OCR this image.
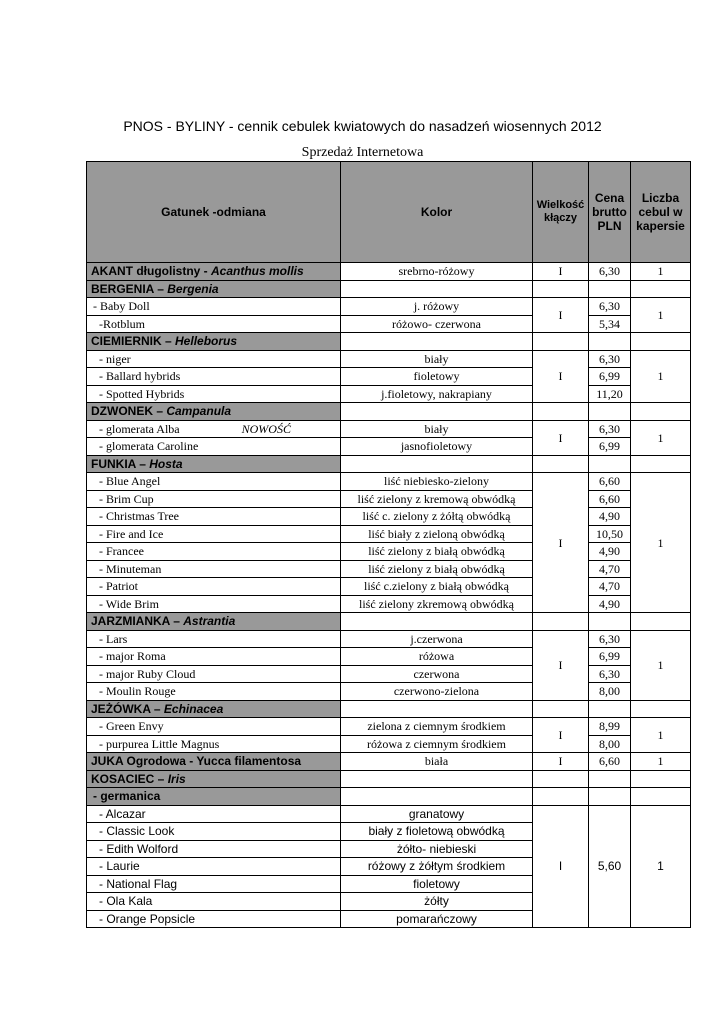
PNOS - BYLINY - cennik cebulek kwiatowych do nasadzeń wiosennych 2012
Sprzedaż Internetowa
Gatunek -odmiana	Kolor	Wielkość kłączy	Cena brutto PLN	Liczba cebul w kapersie
AKANT długolistny - Acanthus mollis	srebrno-różowy	I	6,30	1
BERGENIA – Bergenia				
- Baby Doll	j. różowy	I	6,30	1
-Rotblum	różowo- czerwona		5,34	
CIEMIERNIK – Helleborus				
- niger	biały	I	6,30	1
- Ballard hybrids	fioletowy		6,99	
- Spotted Hybrids	j.fioletowy, nakrapiany		11,20	
DZWONEK – Campanula				
- glomerata Alba NOWOŚĆ	biały	I	6,30	1
- glomerata Caroline	jasnofioletowy		6,99	
FUNKIA – Hosta				
- Blue Angel	liść niebiesko-zielony	I	6,60	1
- Brim Cup	liść zielony z kremową obwódką		6,60	
- Christmas Tree	liść c. zielony z żółtą obwódką		4,90	
- Fire and Ice	liść biały z zieloną obwódką		10,50	
- Francee	liść zielony z białą obwódką		4,90	
- Minuteman	liść zielony z białą obwódką		4,70	
- Patriot	liść c.zielony z białą obwódką		4,70	
- Wide Brim	liść zielony zkremową obwódką		4,90	
JARZMIANKA – Astrantia				
- Lars	j.czerwona	I	6,30	1
- major Roma	różowa		6,99	
- major Ruby Cloud	czerwona		6,30	
- Moulin Rouge	czerwono-zielona		8,00	
JEŻÓWKA – Echinacea				
- Green Envy	zielona z ciemnym środkiem	I	8,99	1
- purpurea Little Magnus	różowa z ciemnym środkiem		8,00	
JUKA Ogrodowa - Yucca filamentosa	biała	I	6,60	1
KOSACIEC – Iris				
- germanica				
- Alcazar	granatowy	I	5,60	1
- Classic Look	biały z fioletową obwódką			
- Edith Wolford	żółto- niebieski			
- Laurie	różowy z żółtym środkiem			
- National Flag	fioletowy			
- Ola Kala	żółty			
- Orange Popsicle	pomarańczowy			
